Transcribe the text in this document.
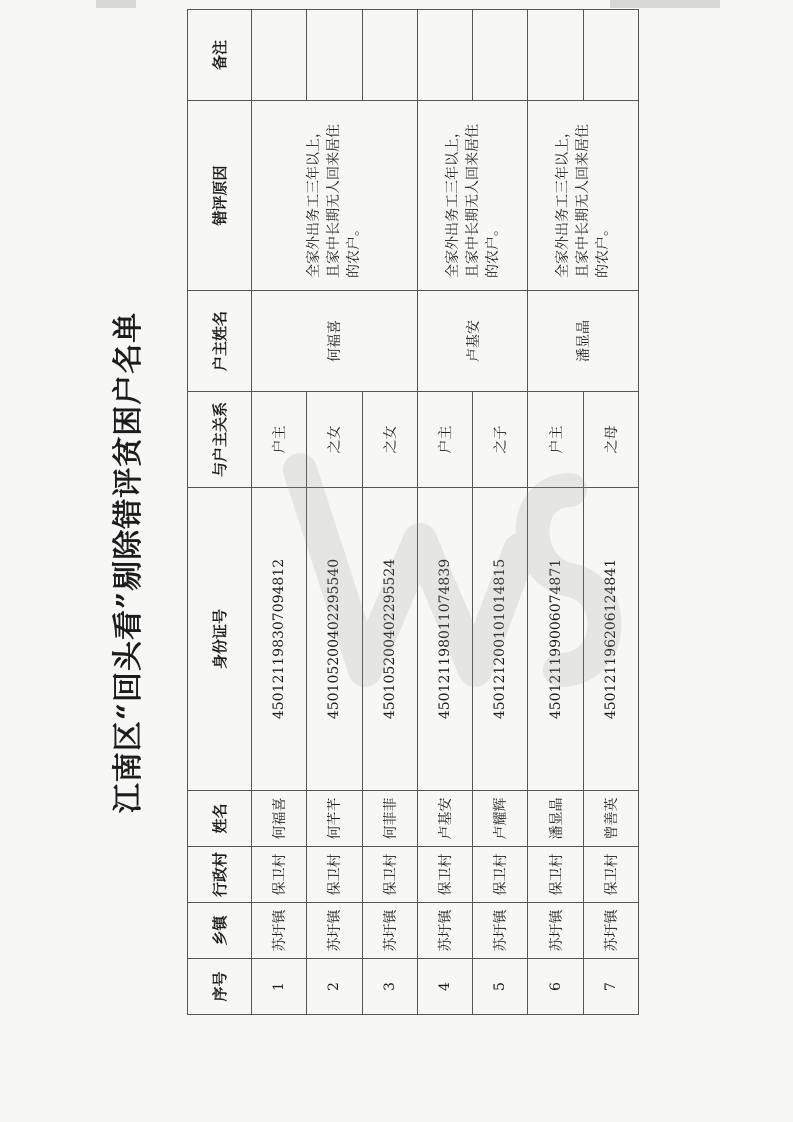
江南区“回头看”剔除错评贫困户名单
序号	乡镇	行政村	姓名	身份证号	与户主关系	户主姓名	错评原因	备注
1	苏圩镇	保卫村	何福喜	450121198307094812	户主	何福喜	全家外出务工三年以上，且家中长期无人回来居住的农户。	
2	苏圩镇	保卫村	何芊芊	450105200402295540	之女			
3	苏圩镇	保卫村	何菲菲	450105200402295524	之女			
4	苏圩镇	保卫村	卢基安	450121198011074839	户主	卢基安	全家外出务工三年以上，且家中长期无人回来居住的农户。	
5	苏圩镇	保卫村	卢耀辉	450121200101014815	之子			
6	苏圩镇	保卫村	潘显晶	450121199006074871	户主	潘显晶	全家外出务工三年以上，且家中长期无人回来居住的农户。	
7	苏圩镇	保卫村	曾善英	450121196206124841	之母			
